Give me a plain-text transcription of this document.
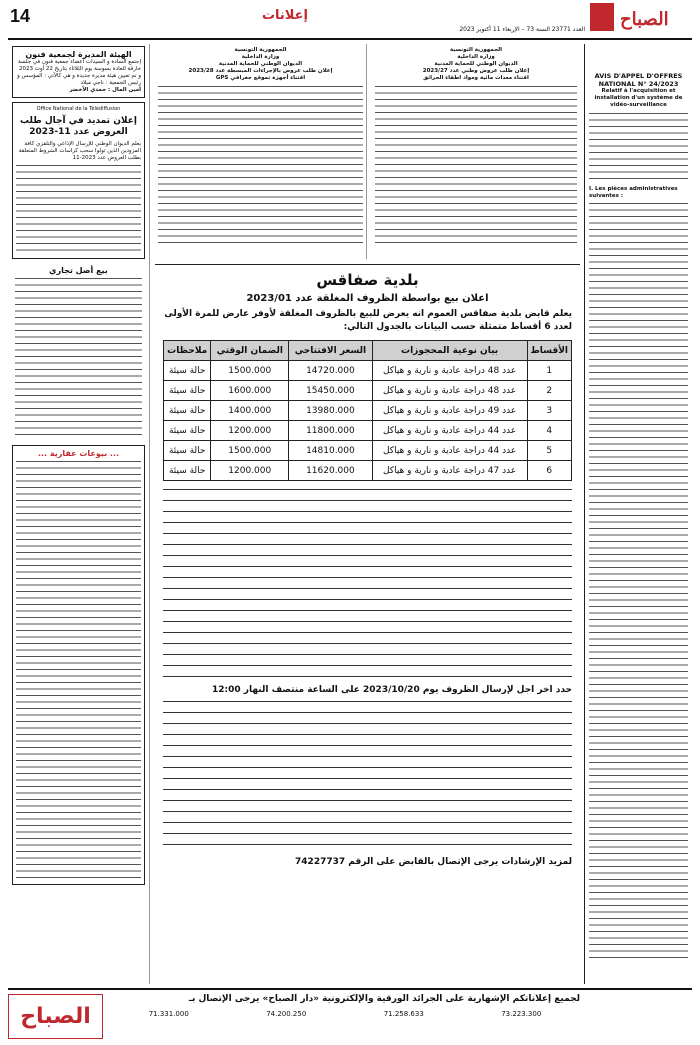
14	إعلانات
العدد 23771 السنة 73 – الإربعاء 11 أكتوبر 2023 الصباح
الهيئة المديرة لجمعية فنون
إجتمع السادة و السيدات أعضاء جمعية فنون في جلسة خارقة للعادة بسوسة يوم الثلاثاء بتاريخ 22 أوت 2023 و تم تعيين هيئة مديرة جديدة و هي كالآتي : المؤسس و رئيس الجمعية : ناجي ميلاد
أمين المال : حمدي الأخضر
Office National de la Télédiffusion
إعلان تمديد في آجال طلب العروض عدد 11-2023
يعلم الديوان الوطني للإرسال الإذاعي والتلفزي كافة المزودين الذين تولوا سحب كراسات الشروط المتعلقة بطلب العروض عدد 2023-11
بيع أصل تجاري
... بيوعات عقارية ...
الجمهورية التونسية
وزارة الداخلية
الديوان الوطني للحماية المدنية
إعلان طلب عروض بالإجراءات المبسطة عدد 2023/28
اقتناء أجهزة تموقع جغرافي GPS
الجمهورية التونسية
وزارة الداخلية
الديوان الوطني للحماية المدنية
إعلان طلب عروض وطني عدد 2023/27
اقتناء معدات مائية ومواد اطفاء الحرائق
بلدية صفاقس
اعلان بيع بواسطة الظروف المغلقة عدد 2023/01
يعلم قابض بلدية صفاقس العموم انه يعرض للبيع بالظروف المغلقة لأوفر عارض للمرة الأولى لعدد 6 أقساط متمثلة حسب البيانات بالجدول التالي:
الأقساط	بيان نوعية المحجوزات	السعر الافتتاحي	الضمان الوقتي	ملاحظات
1	عدد 48 دراجة عادية و نارية و هياكل	14720.000	1500.000	حالة سيئة
2	عدد 48 دراجة عادية و نارية و هياكل	15450.000	1600.000	حالة سيئة
3	عدد 49 دراجة عادية و نارية و هياكل	13980.000	1400.000	حالة سيئة
4	عدد 44 دراجة عادية و نارية و هياكل	11800.000	1200.000	حالة سيئة
5	عدد 44 دراجة عادية و نارية و هياكل	14810.000	1500.000	حالة سيئة
6	عدد 47 دراجة عادية و نارية و هياكل	11620.000	1200.000	حالة سيئة
حدد اخر اجل لإرسال الظروف يوم 2023/10/20 على الساعة منتصف النهار 12:00
لمزيد الإرشادات يرجى الإتصال بالقابض على الرقم 74227737
AVIS D'APPEL D'OFFRES NATIONAL N° 24/2023
Relatif à l'acquisition et installation d'un système de vidéo-surveillance
I. Les pièces administratives suivantes :
لجميع إعلاناتكم الإشهارية على الجرائد الورقية والإلكترونية «دار الصباح» يرجى الإتصال بـ
71.331.000	74.200.250	71.258.633	73.223.300
الصباح
